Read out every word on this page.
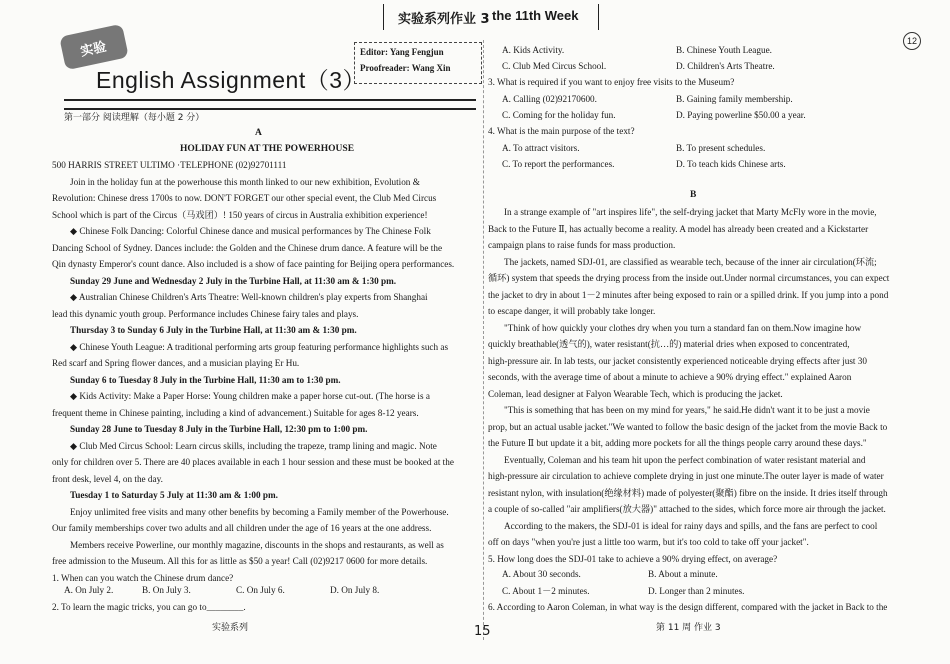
实验系列作业 3 the 11th Week
实验
English Assignment（3）
Editor: Yang Fengjun
Proofreader: Wang Xin
12
第一部分 阅读理解（每小题 2 分）
A
HOLIDAY FUN AT THE POWERHOUSE
500 HARRIS STREET ULTIMO ·TELEPHONE (02)92701111
Join in the holiday fun at the powerhouse this month linked to our new exhibition, Evolution &
Revolution: Chinese dress 1700s to now. DON'T FORGET our other special event, the Club Med Circus
School which is part of the Circus（马戏团）! 150 years of circus in Australia exhibition experience!
◆ Chinese Folk Dancing: Colorful Chinese dance and musical performances by The Chinese Folk
Dancing School of Sydney. Dances include: the Golden and the Chinese drum dance. A feature will be the
Qin dynasty Emperor's count dance. Also included is a show of face painting for Beijing opera performances.
Sunday 29 June and Wednesday 2 July in the Turbine Hall, at 11:30 am & 1:30 pm.
◆ Australian Chinese Children's Arts Theatre: Well-known children's play experts from Shanghai
lead this dynamic youth group. Performance includes Chinese fairy tales and plays.
Thursday 3 to Sunday 6 July in the Turbine Hall, at 11:30 am & 1:30 pm.
◆ Chinese Youth League: A traditional performing arts group featuring performance highlights such as
Red scarf and Spring flower dances, and a musician playing Er Hu.
Sunday 6 to Tuesday 8 July in the Turbine Hall, 11:30 am to 1:30 pm.
◆ Kids Activity: Make a Paper Horse: Young children make a paper horse cut-out. (The horse is a
frequent theme in Chinese painting, including a kind of advancement.) Suitable for ages 8-12 years.
Sunday 28 June to Tuesday 8 July in the Turbine Hall, 12:30 pm to 1:00 pm.
◆ Club Med Circus School: Learn circus skills, including the trapeze, tramp lining and magic. Note
only for children over 5. There are 40 places available in each 1 hour session and these must be booked at the
front desk, level 4, on the day.
Tuesday 1 to Saturday 5 July at 11:30 am & 1:00 pm.
Enjoy unlimited free visits and many other benefits by becoming a Family member of the Powerhouse.
Our family memberships cover two adults and all children under the age of 16 years at the one address.
Members receive Powerline, our monthly magazine, discounts in the shops and restaurants, as well as
free admission to the Museum. All this for as little as $50 a year! Call (02)9217 0600 for more details.
1. When can you watch the Chinese drum dance?
A. On July 2.	B. On July 3.	C. On July 6.	D. On July 8.
2. To learn the magic tricks, you can go to________.
实验系列
A. Kids Activity.	B. Chinese Youth League.
C. Club Med Circus School.	D. Children's Arts Theatre.
3. What is required if you want to enjoy free visits to the Museum?
A. Calling (02)92170600.	B. Gaining family membership.
C. Coming for the holiday fun.	D. Paying powerline $50.00 a year.
4. What is the main purpose of the text?
A. To attract visitors.	B. To present schedules.
C. To report the performances.	D. To teach kids Chinese arts.
B
In a strange example of "art inspires life", the self-drying jacket that Marty McFly wore in the movie,
Back to the Future Ⅱ, has actually become a reality. A model has already been created and a Kickstarter
campaign plans to raise funds for mass production.
The jackets, named SDJ-01, are classified as wearable tech, because of the inner air circulation(环流;
循环) system that speeds the drying process from the inside out.Under normal circumstances, you can expect
the jacket to dry in about 1－2 minutes after being exposed to rain or a spilled drink. If you jump into a pond
to escape danger, it will probably take longer.
"Think of how quickly your clothes dry when you turn a standard fan on them.Now imagine how
quickly breathable(透气的), water resistant(抗…的) material dries when exposed to concentrated,
high-pressure air. In lab tests, our jacket consistently experienced noticeable drying effects after just 30
seconds, with the average time of about a minute to achieve a 90% drying effect." explained Aaron
Coleman, lead designer at Falyon Wearable Tech, which is producing the jacket.
"This is something that has been on my mind for years," he said.He didn't want it to be just a movie
prop, but an actual usable jacket."We wanted to follow the basic design of the jacket from the movie Back to
the Future Ⅱ but update it a bit, adding more pockets for all the things people carry around these days."
Eventually, Coleman and his team hit upon the perfect combination of water resistant material and
high-pressure air circulation to achieve complete drying in just one minute.The outer layer is made of water
resistant nylon, with insulation(绝缘材料) made of polyester(聚酯) fibre on the inside. It dries itself through
a couple of so-called "air amplifiers(放大器)" attached to the sides, which force more air through the jacket.
According to the makers, the SDJ-01 is ideal for rainy days and spills, and the fans are perfect to cool
off on days "when you're just a little too warm, but it's too cold to take off your jacket".
5. How long does the SDJ-01 take to achieve a 90% drying effect, on average?
A. About 30 seconds.	B. About a minute.
C. About 1－2 minutes.	D. Longer than 2 minutes.
6. According to Aaron Coleman, in what way is the design different, compared with the jacket in Back to the
15	第 11 周 作业 3
